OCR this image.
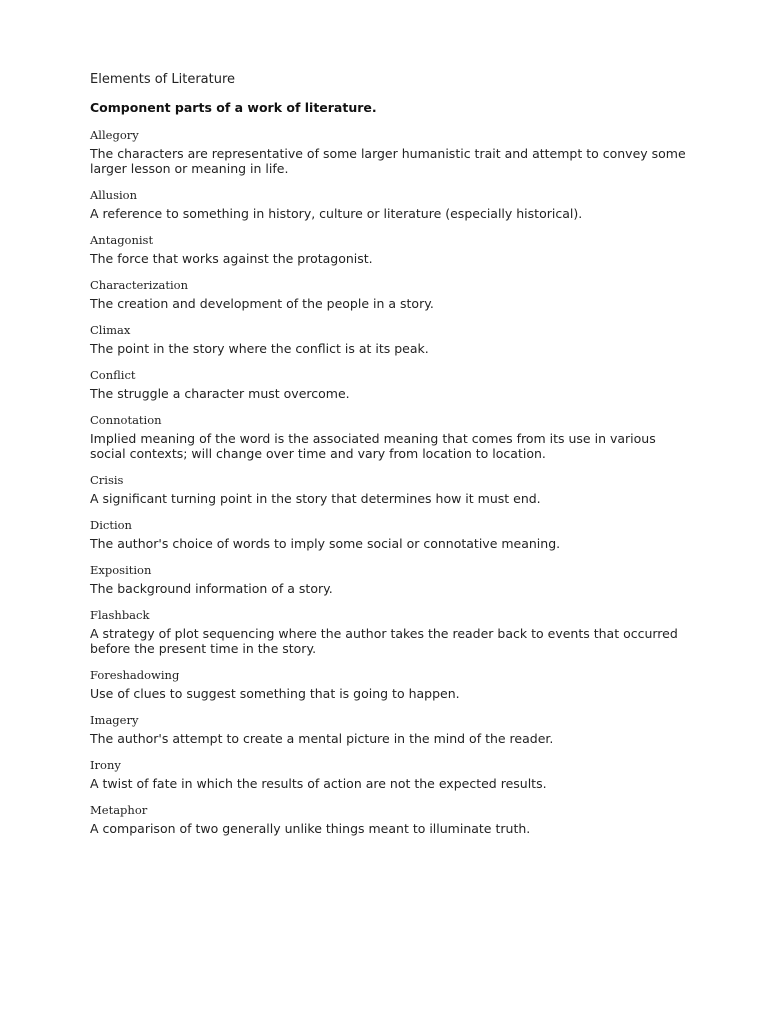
Elements of Literature

Component parts of a work of literature.

Allegory

The characters are representative of some larger humanistic trait and attempt to convey some larger lesson or meaning in life.

Allusion

A reference to something in history, culture or literature (especially historical).

Antagonist

The force that works against the protagonist.

Characterization

The creation and development of the people in a story.

Climax

The point in the story where the conflict is at its peak.

Conflict

The struggle a character must overcome.

Connotation

Implied meaning of the word is the associated meaning that comes from its use in various social contexts; will change over time and vary from location to location.

Crisis

A significant turning point in the story that determines how it must end.

Diction

The author's choice of words to imply some social or connotative meaning.

Exposition

The background information of a story.

Flashback

A strategy of plot sequencing where the author takes the reader back to events that occurred before the present time in the story.

Foreshadowing

Use of clues to suggest something that is going to happen.

Imagery

The author's attempt to create a mental picture in the mind of the reader.

Irony

A twist of fate in which the results of action are not the expected results.

Metaphor

A comparison of two generally unlike things meant to illuminate truth.
